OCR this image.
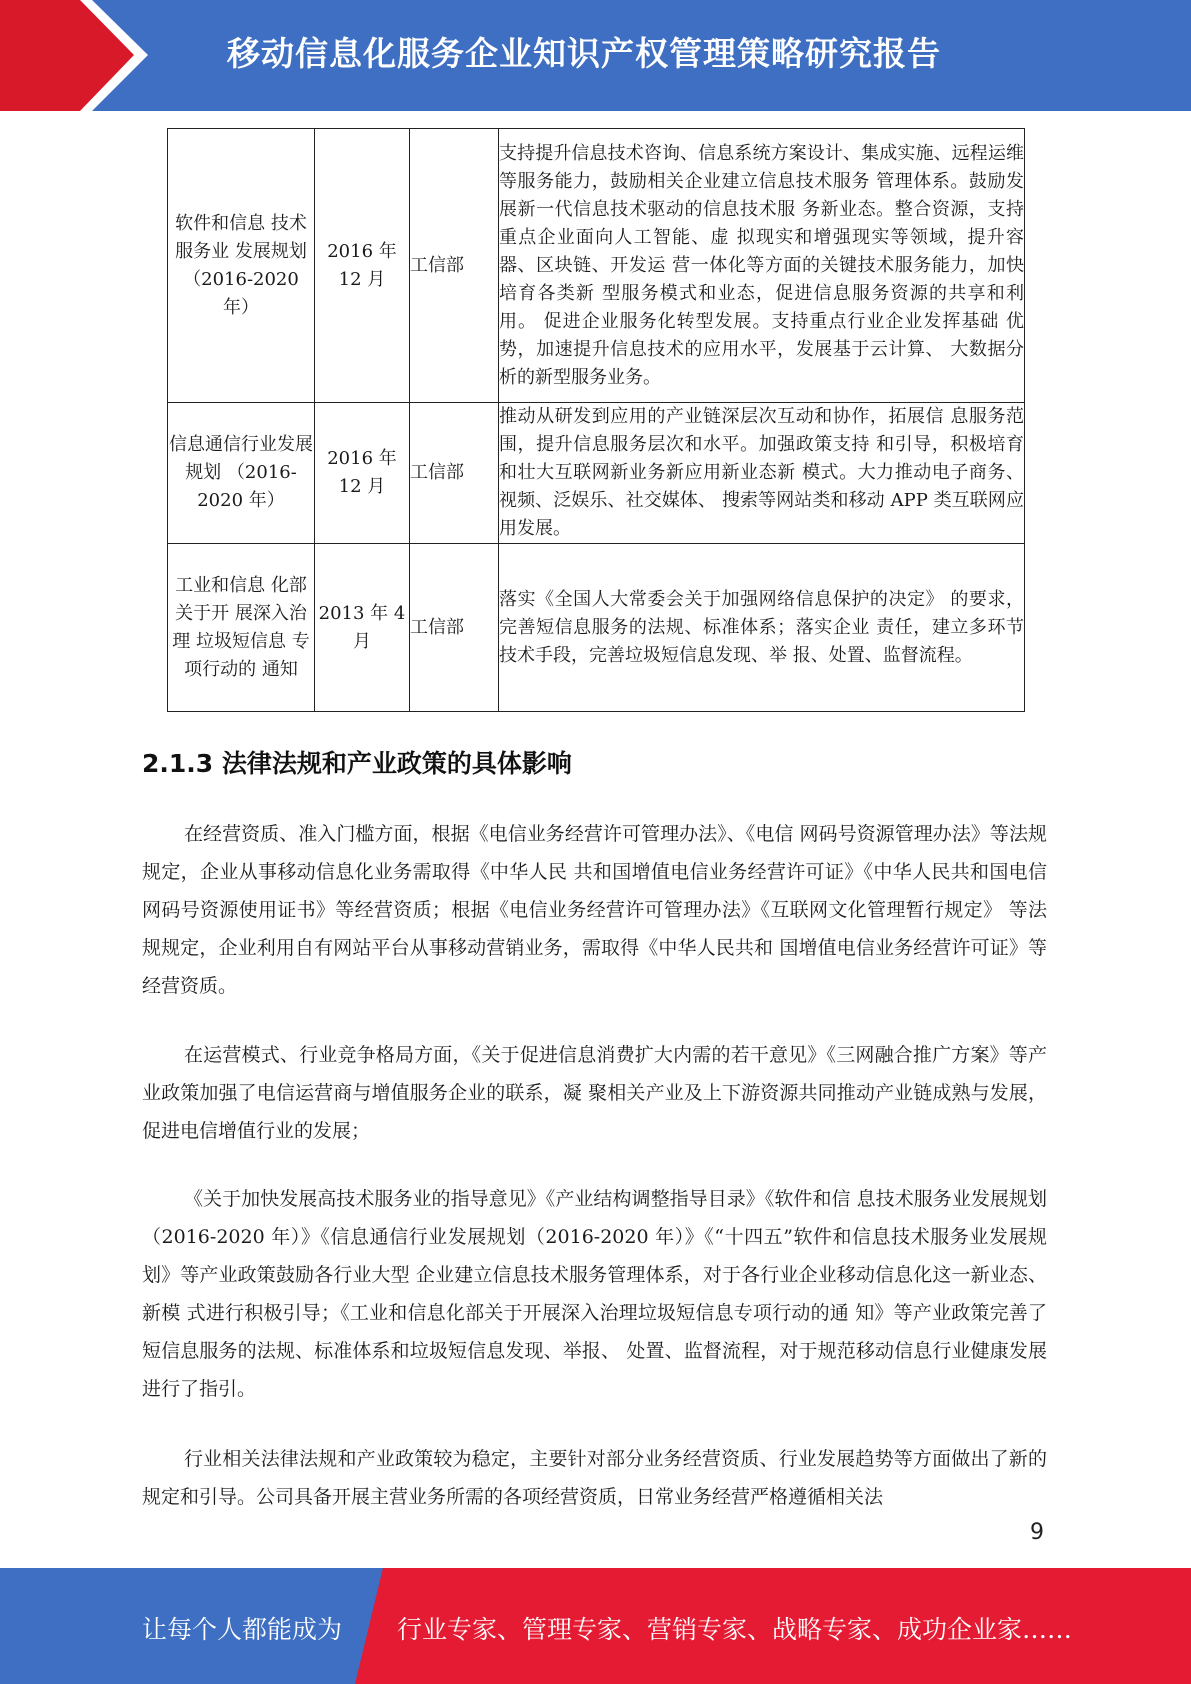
移动信息化服务企业知识产权管理策略研究报告
软件和信息 技术服务业 发展规划 （2016-2020 年）	2016 年 12 月	工信部	支持提升信息技术咨询、信息系统方案设计、集成实施、远程运维等服务能力，鼓励相关企业建立信息技术服务 管理体系。鼓励发展新一代信息技术驱动的信息技术服 务新业态。整合资源，支持重点企业面向人工智能、虚 拟现实和增强现实等领域，提升容器、区块链、开发运 营一体化等方面的关键技术服务能力，加快培育各类新 型服务模式和业态，促进信息服务资源的共享和利用。 促进企业服务化转型发展。支持重点行业企业发挥基础 优势，加速提升信息技术的应用水平，发展基于云计算、 大数据分析的新型服务业务。
信息通信行业发展规划 （2016-2020 年）	2016 年 12 月	工信部	推动从研发到应用的产业链深层次互动和协作，拓展信 息服务范围，提升信息服务层次和水平。加强政策支持 和引导，积极培育和壮大互联网新业务新应用新业态新 模式。大力推动电子商务、视频、泛娱乐、社交媒体、 搜索等网站类和移动 APP 类互联网应用发展。
工业和信息 化部关于开 展深入治理 垃圾短信息 专项行动的 通知	2013 年 4 月	工信部	落实《全国人大常委会关于加强网络信息保护的决定》 的要求，完善短信息服务的法规、标准体系；落实企业 责任，建立多环节技术手段，完善垃圾短信息发现、举 报、处置、监督流程。
2.1.3 法律法规和产业政策的具体影响

在经营资质、准入门槛方面，根据《电信业务经营许可管理办法》、《电信 网码号资源管理办法》等法规规定，企业从事移动信息化业务需取得《中华人民 共和国增值电信业务经营许可证》《中华人民共和国电信网码号资源使用证书》等经营资质；根据《电信业务经营许可管理办法》《互联网文化管理暂行规定》 等法规规定，企业利用自有网站平台从事移动营销业务，需取得《中华人民共和 国增值电信业务经营许可证》等经营资质。

在运营模式、行业竞争格局方面，《关于促进信息消费扩大内需的若干意见》《三网融合推广方案》等产业政策加强了电信运营商与增值服务企业的联系，凝 聚相关产业及上下游资源共同推动产业链成熟与发展，促进电信增值行业的发展；

《关于加快发展高技术服务业的指导意见》《产业结构调整指导目录》《软件和信 息技术服务业发展规划（2016-2020 年）》《信息通信行业发展规划（2016-2020 年）》《“十四五”软件和信息技术服务业发展规划》等产业政策鼓励各行业大型 企业建立信息技术服务管理体系，对于各行业企业移动信息化这一新业态、新模 式进行积极引导；《工业和信息化部关于开展深入治理垃圾短信息专项行动的通 知》等产业政策完善了短信息服务的法规、标准体系和垃圾短信息发现、举报、 处置、监督流程，对于规范移动信息行业健康发展进行了指引。

行业相关法律法规和产业政策较为稳定，主要针对部分业务经营资质、行业发展趋势等方面做出了新的规定和引导。公司具备开展主营业务所需的各项经营资质，日常业务经营严格遵循相关法

9
让每个人都能成为 行业专家、管理专家、营销专家、战略专家、成功企业家……
